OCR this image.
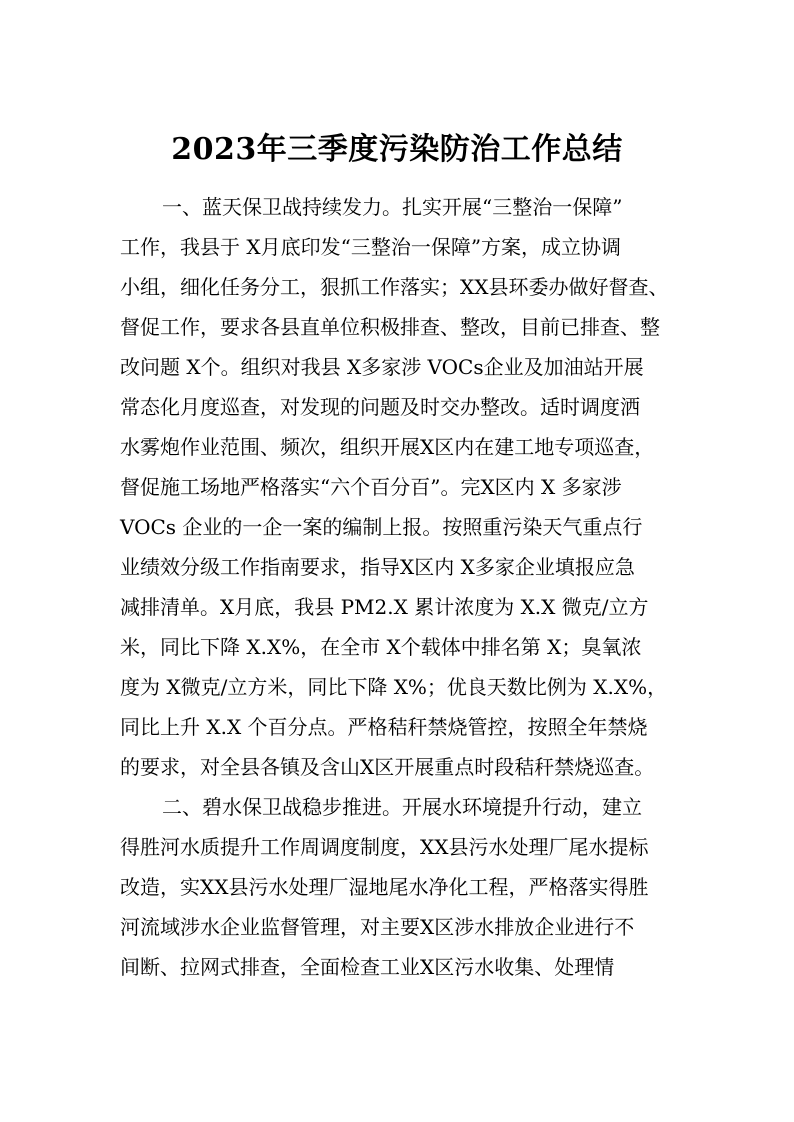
2023年三季度污染防治工作总结
一、蓝天保卫战持续发力。扎实开展“三整治一保障”
工作，我县于 X月底印发“三整治一保障”方案，成立协调
小组，细化任务分工，狠抓工作落实；XX县环委办做好督查、
督促工作，要求各县直单位积极排查、整改，目前已排查、整
改问题 X个。组织对我县 X多家涉 VOCs企业及加油站开展
常态化月度巡查，对发现的问题及时交办整改。适时调度洒
水雾炮作业范围、频次，组织开展X区内在建工地专项巡查，
督促施工场地严格落实“六个百分百”。完X区内 X 多家涉
VOCs 企业的一企一案的编制上报。按照重污染天气重点行
业绩效分级工作指南要求，指导X区内 X多家企业填报应急
减排清单。X月底，我县 PM2.X 累计浓度为 X.X 微克/立方
米，同比下降 X.X%，在全市 X个载体中排名第 X；臭氧浓
度为 X微克/立方米，同比下降 X%；优良天数比例为 X.X%，
同比上升 X.X 个百分点。严格秸秆禁烧管控，按照全年禁烧
的要求，对全县各镇及含山X区开展重点时段秸秆禁烧巡查。
二、碧水保卫战稳步推进。开展水环境提升行动，建立
得胜河水质提升工作周调度制度，XX县污水处理厂尾水提标
改造，实XX县污水处理厂湿地尾水净化工程，严格落实得胜
河流域涉水企业监督管理，对主要X区涉水排放企业进行不
间断、拉网式排查，全面检查工业X区污水收集、处理情
